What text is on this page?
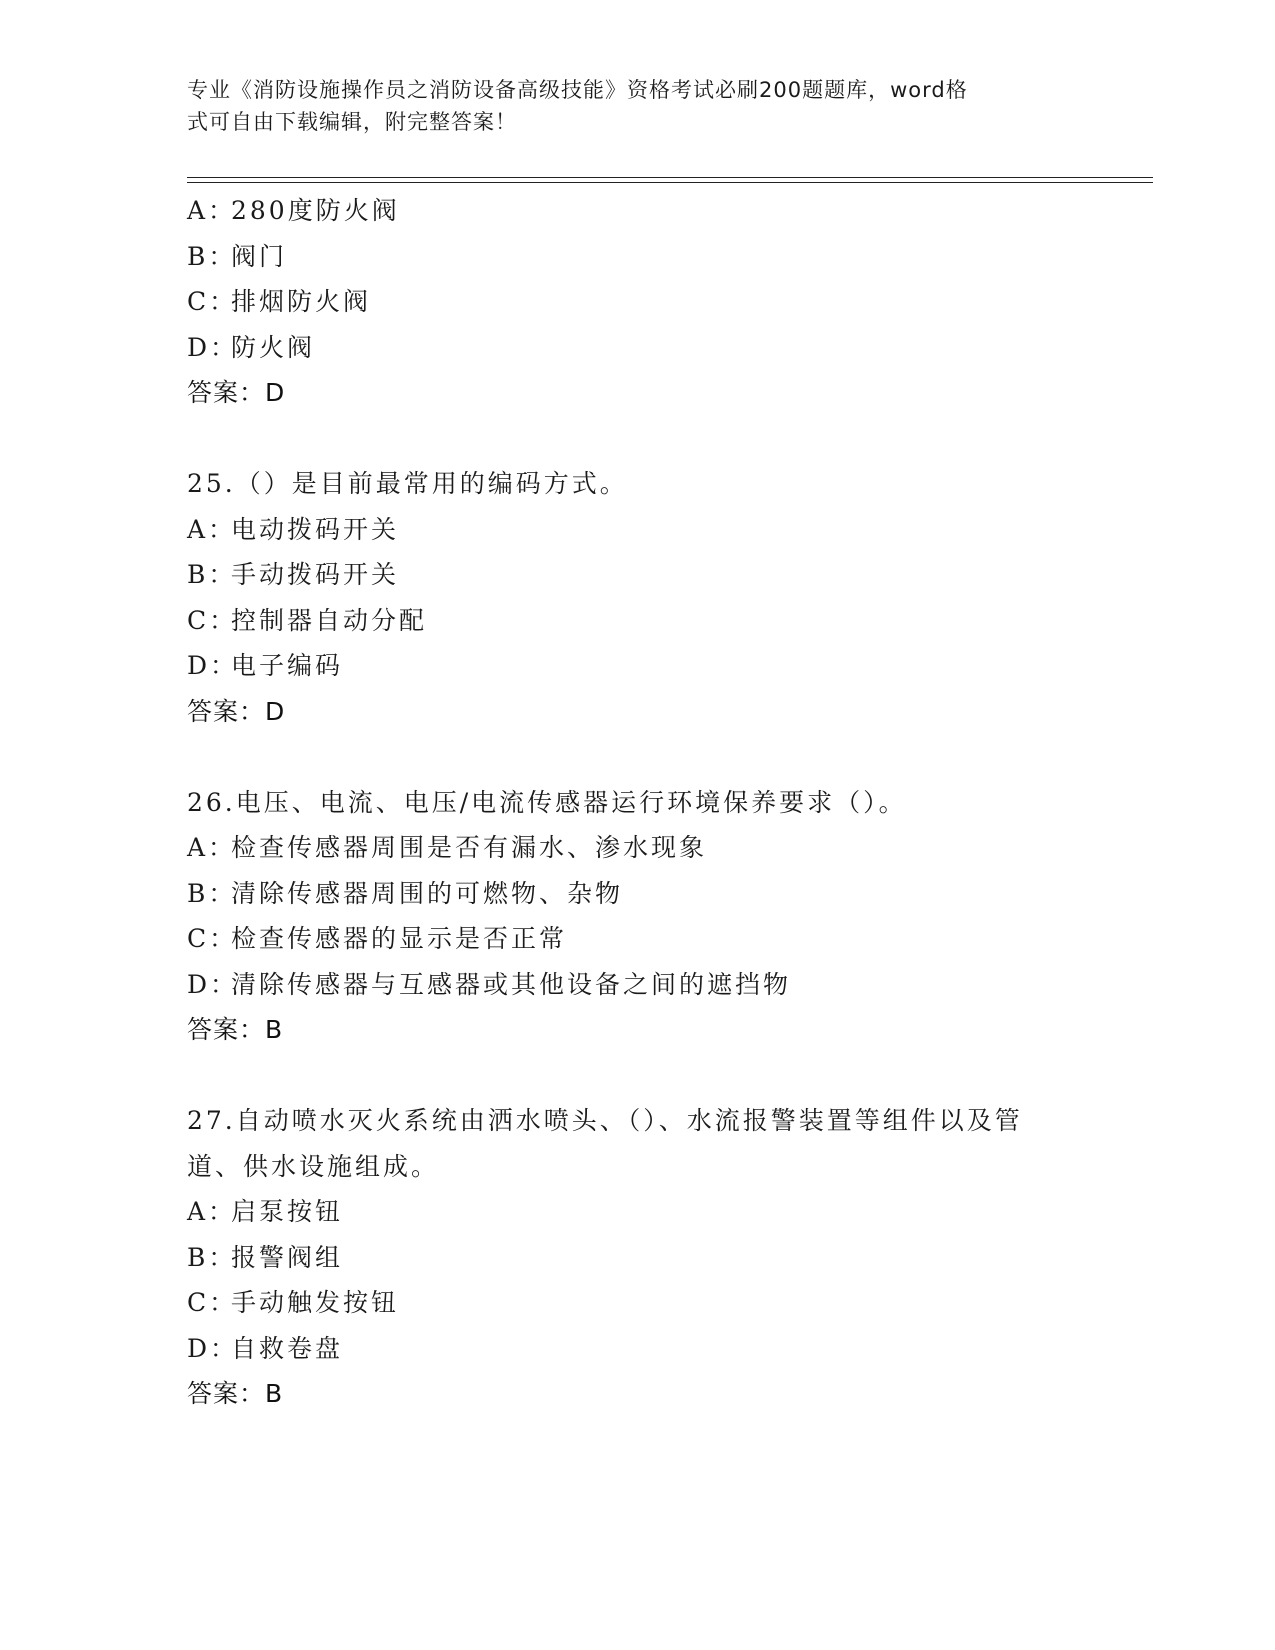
专业《消防设施操作员之消防设备高级技能》资格考试必刷200题题库，word格
式可自由下载编辑，附完整答案！
A：280度防火阀
B：阀门
C：排烟防火阀
D：防火阀
答案：D
25.（）是目前最常用的编码方式。
A：电动拨码开关
B：手动拨码开关
C：控制器自动分配
D：电子编码
答案：D
26.电压、电流、电压/电流传感器运行环境保养要求（）。
A：检查传感器周围是否有漏水、渗水现象
B：清除传感器周围的可燃物、杂物
C：检查传感器的显示是否正常
D：清除传感器与互感器或其他设备之间的遮挡物
答案：B
27.自动喷水灭火系统由洒水喷头、（）、水流报警装置等组件以及管
道、供水设施组成。
A：启泵按钮
B：报警阀组
C：手动触发按钮
D：自救卷盘
答案：B
